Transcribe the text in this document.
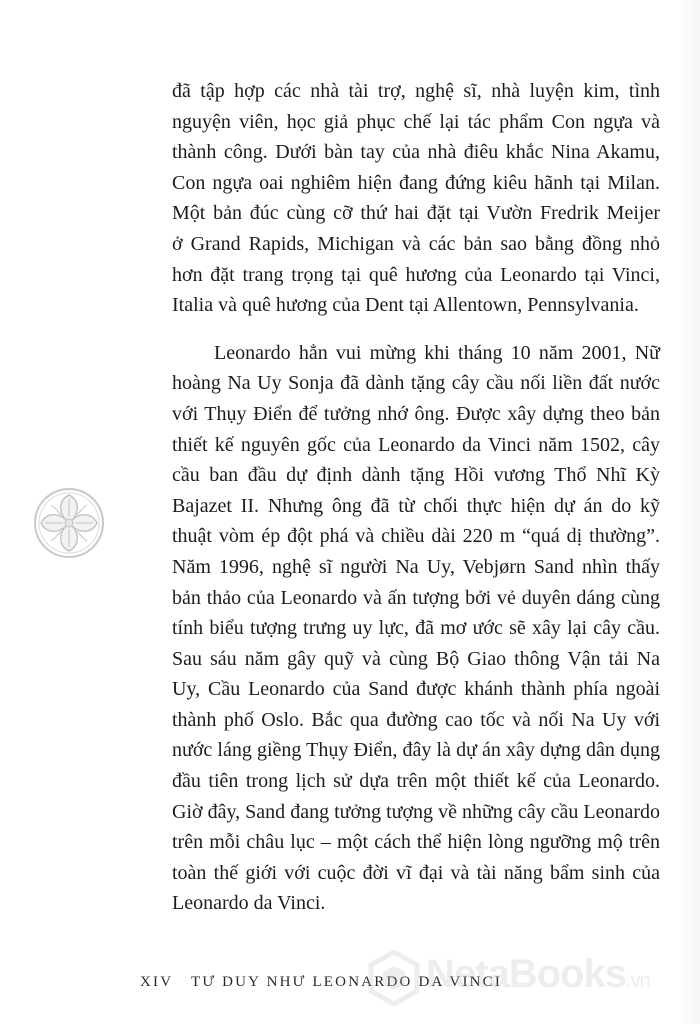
đã tập hợp các nhà tài trợ, nghệ sĩ, nhà luyện kim, tình
nguyện viên, học giả phục chế lại tác phẩm Con ngựa và
thành công. Dưới bàn tay của nhà điêu khắc Nina Akamu,
Con ngựa oai nghiêm hiện đang đứng kiêu hãnh tại Milan.
Một bản đúc cùng cỡ thứ hai đặt tại Vườn Fredrik Meijer
ở Grand Rapids, Michigan và các bản sao bằng đồng nhỏ
hơn đặt trang trọng tại quê hương của Leonardo tại Vinci,
Italia và quê hương của Dent tại Allentown, Pennsylvania.
Leonardo hẳn vui mừng khi tháng 10 năm 2001, Nữ
hoàng Na Uy Sonja đã dành tặng cây cầu nối liền đất nước
với Thụy Điển để tưởng nhớ ông. Được xây dựng theo bản
thiết kế nguyên gốc của Leonardo da Vinci năm 1502, cây
cầu ban đầu dự định dành tặng Hồi vương Thổ Nhĩ Kỳ
Bajazet II. Nhưng ông đã từ chối thực hiện dự án do kỹ
thuật vòm ép đột phá và chiều dài 220 m “quá dị thường”.
Năm 1996, nghệ sĩ người Na Uy, Vebjørn Sand nhìn thấy
bản thảo của Leonardo và ấn tượng bởi vẻ duyên dáng cùng
tính biểu tượng trưng uy lực, đã mơ ước sẽ xây lại cây cầu.
Sau sáu năm gây quỹ và cùng Bộ Giao thông Vận tải Na
Uy, Cầu Leonardo của Sand được khánh thành phía ngoài
thành phố Oslo. Bắc qua đường cao tốc và nối Na Uy với
nước láng giềng Thụy Điển, đây là dự án xây dựng dân dụng
đầu tiên trong lịch sử dựa trên một thiết kế của Leonardo.
Giờ đây, Sand đang tưởng tượng về những cây cầu Leonardo
trên mỗi châu lục – một cách thể hiện lòng ngưỡng mộ trên
toàn thế giới với cuộc đời vĩ đại và tài năng bẩm sinh của
Leonardo da Vinci.
XIV TƯ DUY NHƯ LEONARDO DA VINCI
NetaBooks.vn
